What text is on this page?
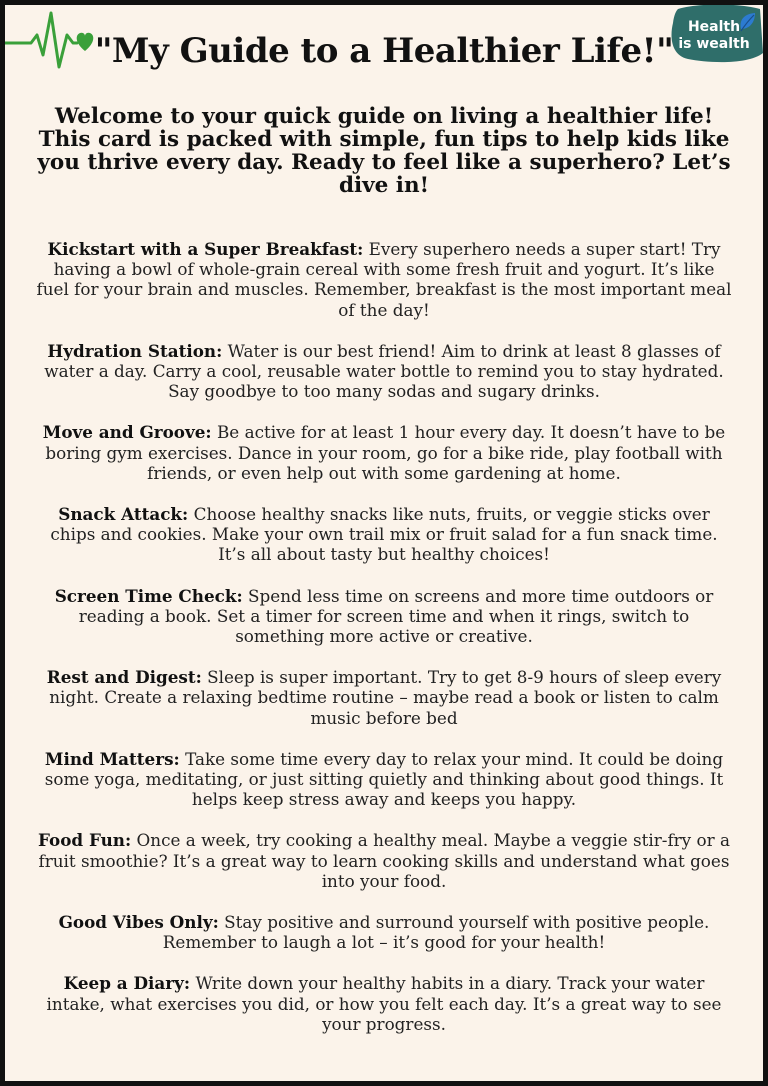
Health
is wealth
"My Guide to a Healthier Life!"

Welcome to your quick guide on living a healthier life! This card is packed with simple, fun tips to help kids like you thrive every day. Ready to feel like a superhero? Let’s dive in!

Kickstart with a Super Breakfast: Every superhero needs a super start! Try having a bowl of whole-grain cereal with some fresh fruit and yogurt. It’s like fuel for your brain and muscles. Remember, breakfast is the most important meal of the day!

Hydration Station: Water is our best friend! Aim to drink at least 8 glasses of water a day. Carry a cool, reusable water bottle to remind you to stay hydrated. Say goodbye to too many sodas and sugary drinks.

Move and Groove: Be active for at least 1 hour every day. It doesn’t have to be boring gym exercises. Dance in your room, go for a bike ride, play football with friends, or even help out with some gardening at home.

Snack Attack: Choose healthy snacks like nuts, fruits, or veggie sticks over chips and cookies. Make your own trail mix or fruit salad for a fun snack time. It’s all about tasty but healthy choices!

Screen Time Check: Spend less time on screens and more time outdoors or reading a book. Set a timer for screen time and when it rings, switch to something more active or creative.

Rest and Digest: Sleep is super important. Try to get 8-9 hours of sleep every night. Create a relaxing bedtime routine – maybe read a book or listen to calm music before bed

Mind Matters: Take some time every day to relax your mind. It could be doing some yoga, meditating, or just sitting quietly and thinking about good things. It helps keep stress away and keeps you happy.

Food Fun: Once a week, try cooking a healthy meal. Maybe a veggie stir-fry or a fruit smoothie? It’s a great way to learn cooking skills and understand what goes into your food.

Good Vibes Only: Stay positive and surround yourself with positive people. Remember to laugh a lot – it’s good for your health!

Keep a Diary: Write down your healthy habits in a diary. Track your water intake, what exercises you did, or how you felt each day. It’s a great way to see your progress.
